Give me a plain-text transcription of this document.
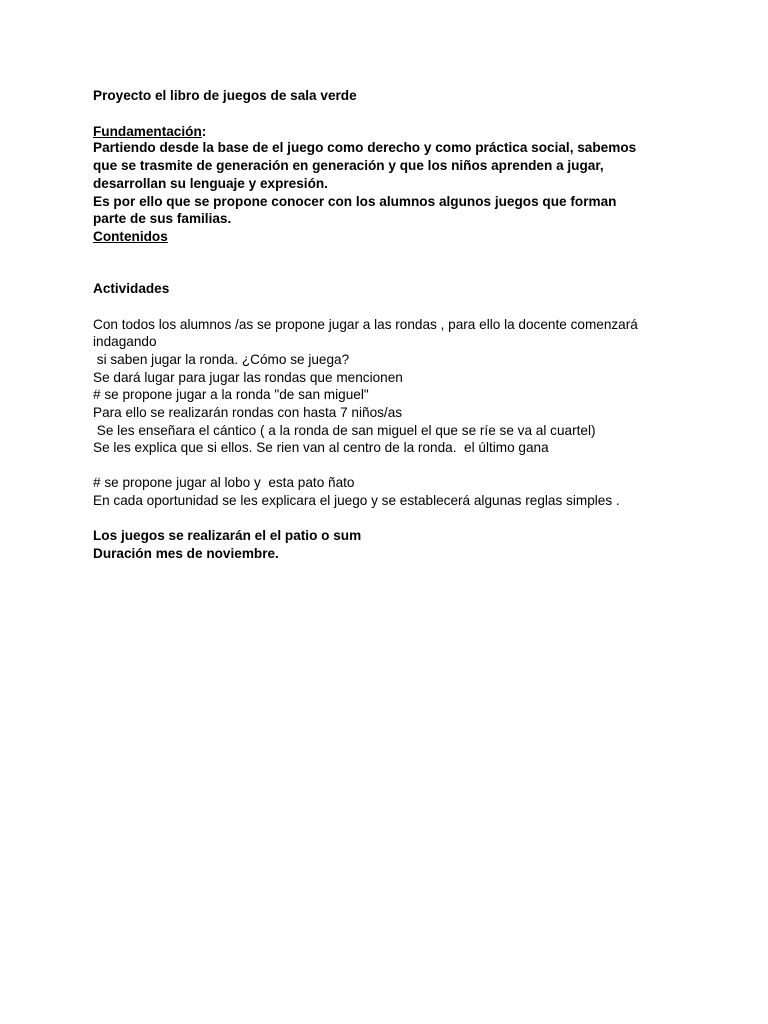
Proyecto el libro de juegos de sala verde
Fundamentación:
Partiendo desde la base de el juego como derecho y como práctica social, sabemos
que se trasmite de generación en generación y que los niños aprenden a jugar,
desarrollan su lenguaje y expresión.
Es por ello que se propone conocer con los alumnos algunos juegos que forman
parte de sus familias.
Contenidos
Actividades
Con todos los alumnos /as se propone jugar a las rondas , para ello la docente comenzará
indagando
si saben jugar la ronda. ¿Cómo se juega?
Se dará lugar para jugar las rondas que mencionen
# se propone jugar a la ronda "de san miguel"
Para ello se realizarán rondas con hasta 7 niños/as
Se les enseñara el cántico ( a la ronda de san miguel el que se ríe se va al cuartel)
Se les explica que si ellos. Se rien van al centro de la ronda.  el último gana
# se propone jugar al lobo y  esta pato ñato
En cada oportunidad se les explicara el juego y se establecerá algunas reglas simples .
Los juegos se realizarán el el patio o sum
Duración mes de noviembre.
